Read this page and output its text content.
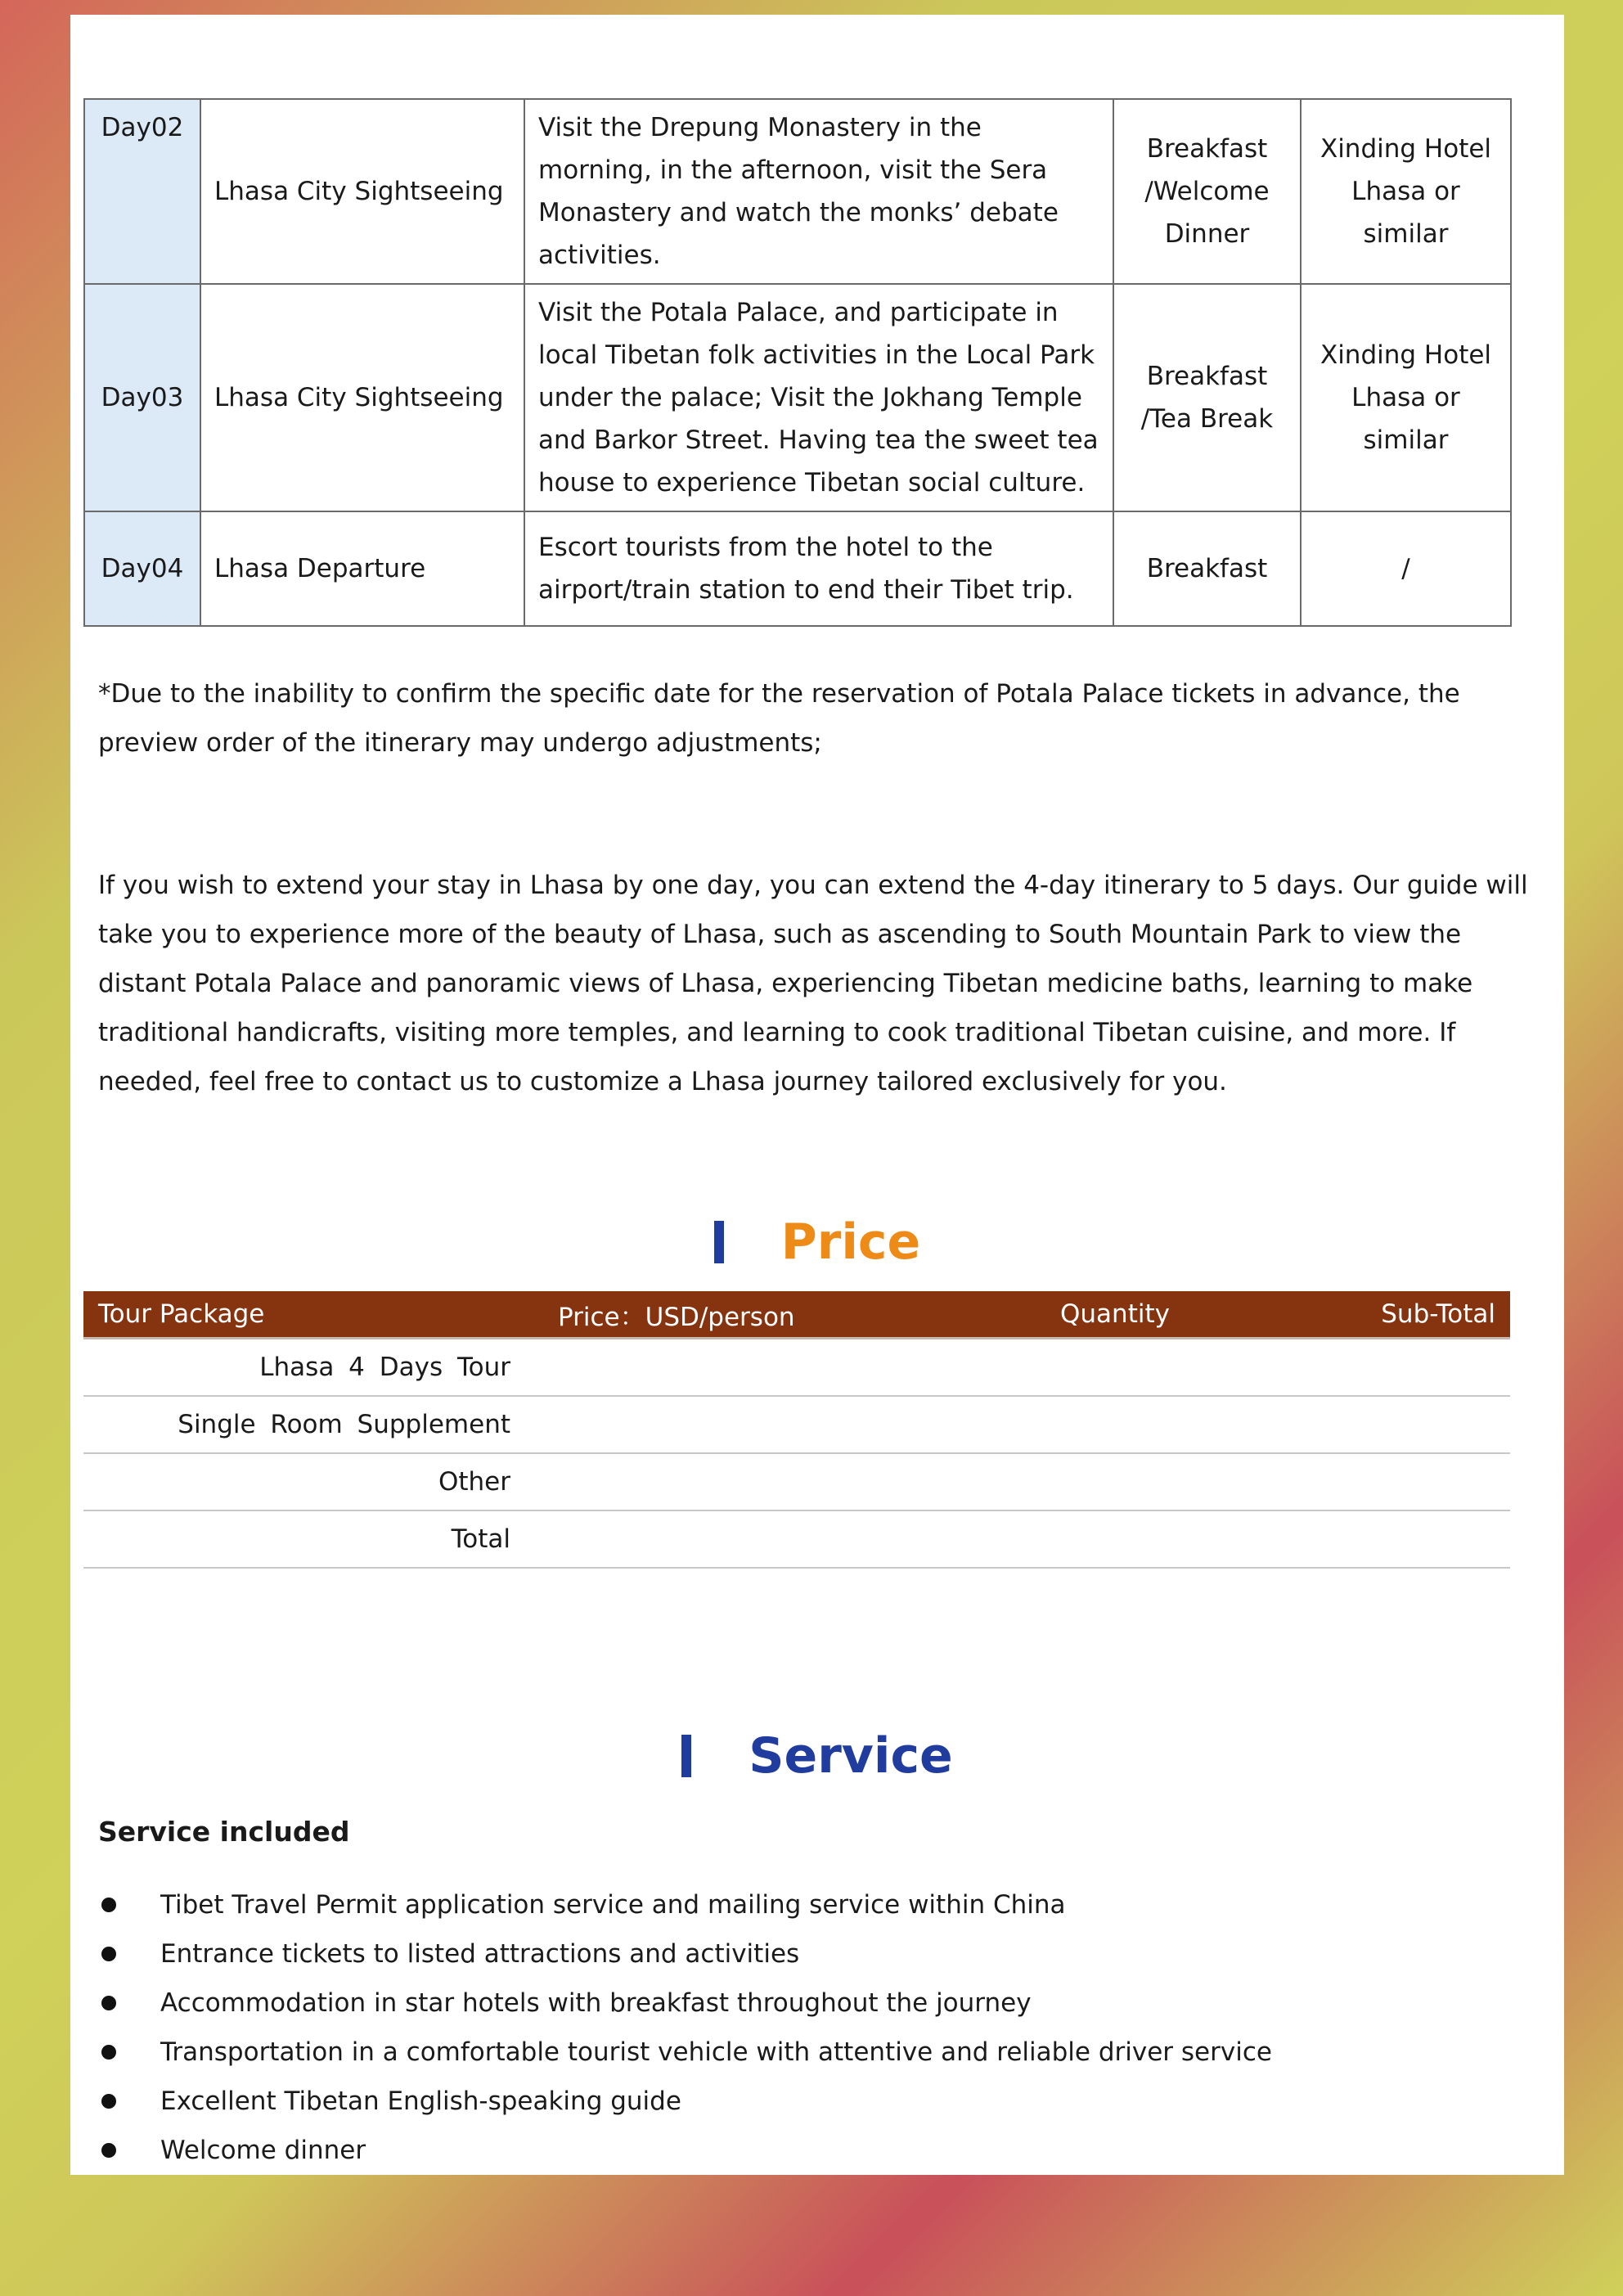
Day02	Lhasa City Sightseeing	Visit the Drepung Monastery in the morning, in the afternoon, visit the Sera Monastery and watch the monks’ debate activities.	Breakfast /Welcome Dinner	Xinding Hotel Lhasa or similar
Day03	Lhasa City Sightseeing	Visit the Potala Palace, and participate in local Tibetan folk activities in the Local Park under the palace; Visit the Jokhang Temple and Barkor Street. Having tea the sweet tea house to experience Tibetan social culture.	Breakfast /Tea Break	Xinding Hotel Lhasa or similar
Day04	Lhasa Departure	Escort tourists from the hotel to the airport/train station to end their Tibet trip.	Breakfast	/

*Due to the inability to confirm the specific date for the reservation of Potala Palace tickets in advance, the preview order of the itinerary may undergo adjustments;

If you wish to extend your stay in Lhasa by one day, you can extend the 4-day itinerary to 5 days. Our guide will take you to experience more of the beauty of Lhasa, such as ascending to South Mountain Park to view the distant Potala Palace and panoramic views of Lhasa, experiencing Tibetan medicine baths, learning to make traditional handicrafts, visiting more temples, and learning to cook traditional Tibetan cuisine, and more. If needed, feel free to contact us to customize a Lhasa journey tailored exclusively for you.

Price
Tour Package	Price：USD/person	Quantity	Sub-Total
Lhasa 4 Days Tour			
Single Room Supplement			
Other			
Total			
Service

Service included

Tibet Travel Permit application service and mailing service within China
Entrance tickets to listed attractions and activities
Accommodation in star hotels with breakfast throughout the journey
Transportation in a comfortable tourist vehicle with attentive and reliable driver service
Excellent Tibetan English-speaking guide
Welcome dinner
